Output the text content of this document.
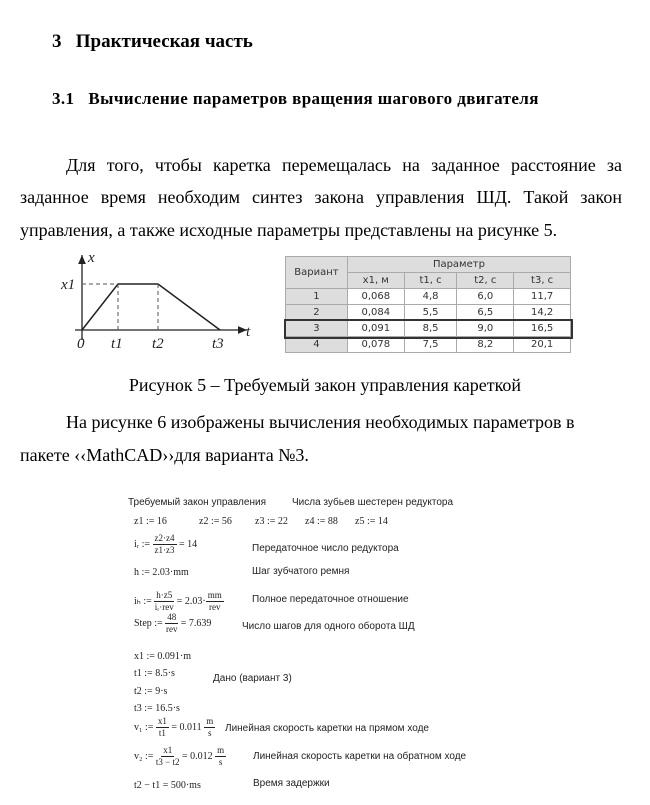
3 Практическая часть
3.1 Вычисление параметров вращения шагового двигателя
Для того, чтобы каретка перемещалась на заданное расстояние за
заданное время необходим синтез закона управления ШД. Такой закон
управления, а также исходные параметры представлены на рисунке 5.
x
x1
0 t1 t2	t3
t
Вариант	Параметр			
	x1, м	t1, с	t2, с	t3, с
1	0,068	4,8	6,0	11,7
2	0,084	5,5	6,5	14,2
3	0,091	8,5	9,0	16,5
4	0,078	7,5	8,2	20,1
Рисунок 5 – Требуемый закон управления кареткой
На рисунке 6 изображены вычисления необходимых параметров в
пакете ‹‹MathCAD››для варианта №3.
Требуемый закон управления	Числа зубьев шестерен редуктора
z1 := 16	z2 := 56 z3 := 22 z4 := 88 z5 := 14
iᵣ := $\frac{z2\cdot z4}{z1\cdot z3} = 14$	Передаточное число редуктора
h := 2.03·mm	Шаг зубчатого ремня
iₕ :=
h·z5
iᵣ·rev
= 2.03·
mm
rev
Полное передаточное отношение
Step :=
48
rev
= 7.639	Число шагов для одного оборота ШД
x1 := 0.091·m
t1 := 8.5·s
t2 := 9·s
t3 := 16.5·s
Дано (вариант 3)
v₁ := $\frac{x1}{t1} = 0.011 \frac{m}{s}$ Линейная скорость каретки на прямом ходе
v₂ := $\frac{x1}{t3 - t2} = 0.012 \frac{m}{s}$	Линейная скорость каретки на обратном ходе
t2 − t1 = 500·ms	Время задержки
